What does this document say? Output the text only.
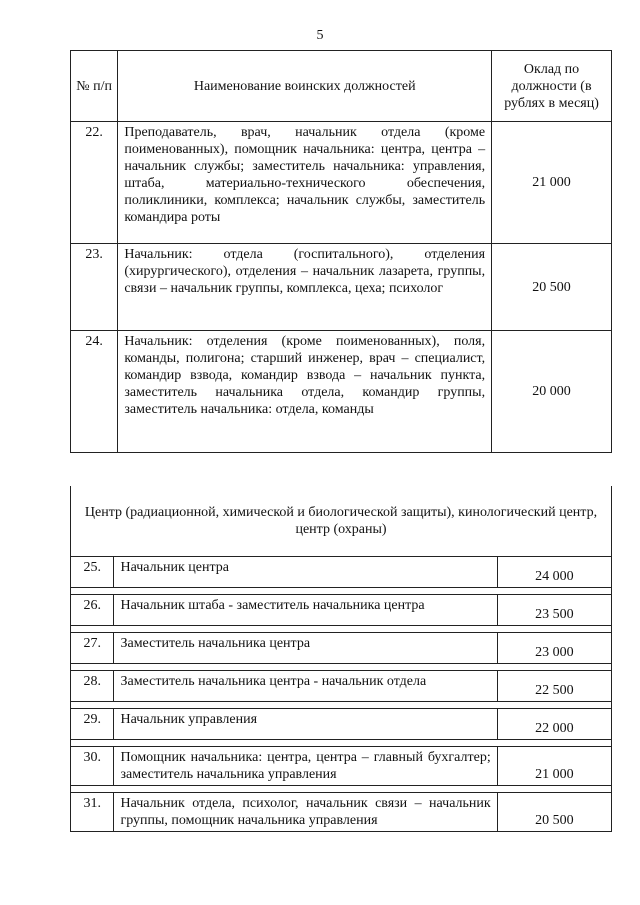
5
№ п/п	Наименование воинских должностей	Оклад по должности (в рублях в месяц)
22.	Преподаватель, врач, начальник отдела (кроме поименованных), помощник начальника: центра, центра – начальник службы; заместитель начальника: управления, штаба, материально-технического обеспечения, поликлиники, комплекса; начальник службы, заместитель командира роты	21 000
23.	Начальник: отдела (госпитального), отделения (хирургического), отделения – начальник лазарета, группы, связи – начальник группы, комплекса, цеха; психолог	20 500
24.	Начальник: отделения (кроме поименованных), поля, команды, полигона; старший инженер, врач – специалист, командир взвода, командир взвода – начальник пункта, заместитель начальника отдела, командир группы, заместитель начальника: отдела, команды	20 000
Центр (радиационной, химической и биологической защиты), кинологический центр, центр (охраны)		
25.	Начальник центра	24 000

26.	Начальник штаба - заместитель начальника центра	23 500

27.	Заместитель начальника центра	23 000

28.	Заместитель начальника центра - начальник отдела	22 500

29.	Начальник управления	22 000

30.	Помощник начальника: центра, центра – главный бухгалтер; заместитель начальника управления	21 000

31.	Начальник отдела, психолог, начальник связи – начальник группы, помощник начальника управления	20 500
